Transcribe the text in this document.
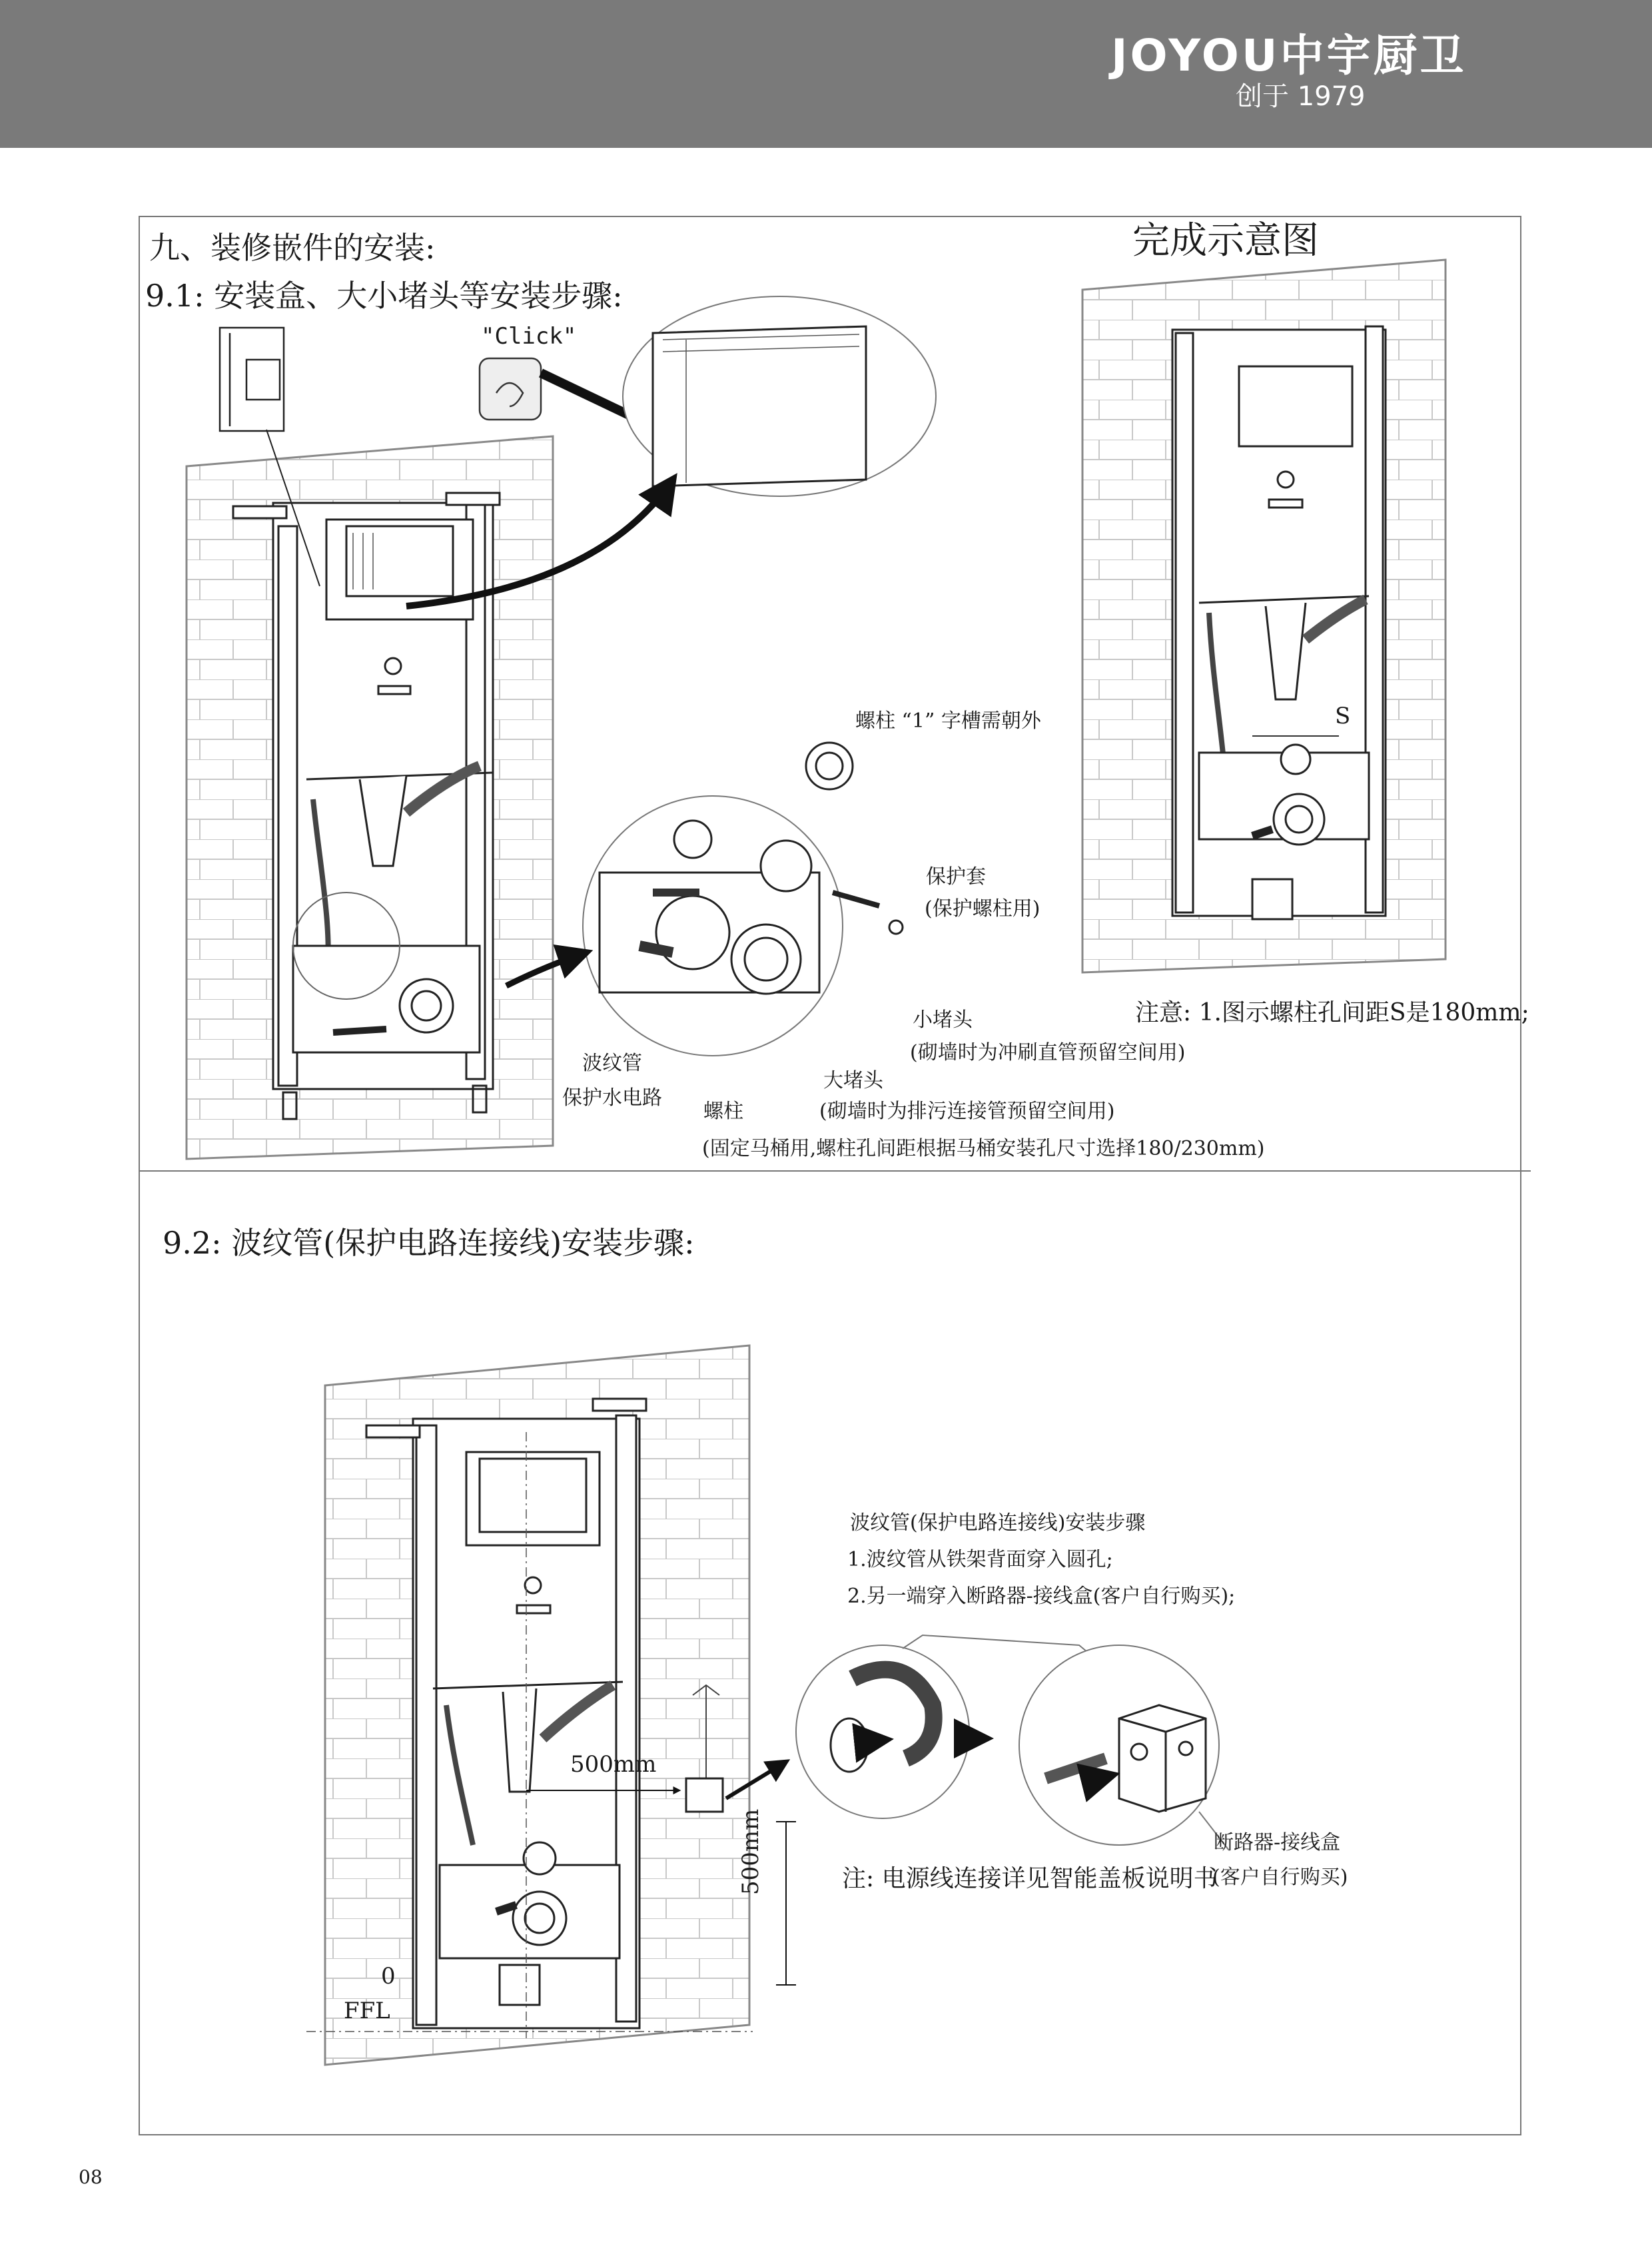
JOYOU中宇厨卫
创于 1979
九、装修嵌件的安装:
9.1: 安装盒、大小堵头等安装步骤:
"Click"
完成示意图
螺柱 “1” 字槽需朝外
保护套
(保护螺柱用)
小堵头
(砌墙时为冲刷直管预留空间用)
大堵头
(砌墙时为排污连接管预留空间用)
波纹管
保护水电路
螺柱
(固定马桶用,螺柱孔间距根据马桶安装孔尺寸选择180/230mm)
S
注意: 1.图示螺柱孔间距S是180mm;
9.2: 波纹管(保护电路连接线)安装步骤:
波纹管(保护电路连接线)安装步骤
1.波纹管从铁架背面穿入圆孔;
2.另一端穿入断路器-接线盒(客户自行购买);
断路器-接线盒
(客户自行购买)
注: 电源线连接详见智能盖板说明书
500mm
500mm
FFL
0
08
